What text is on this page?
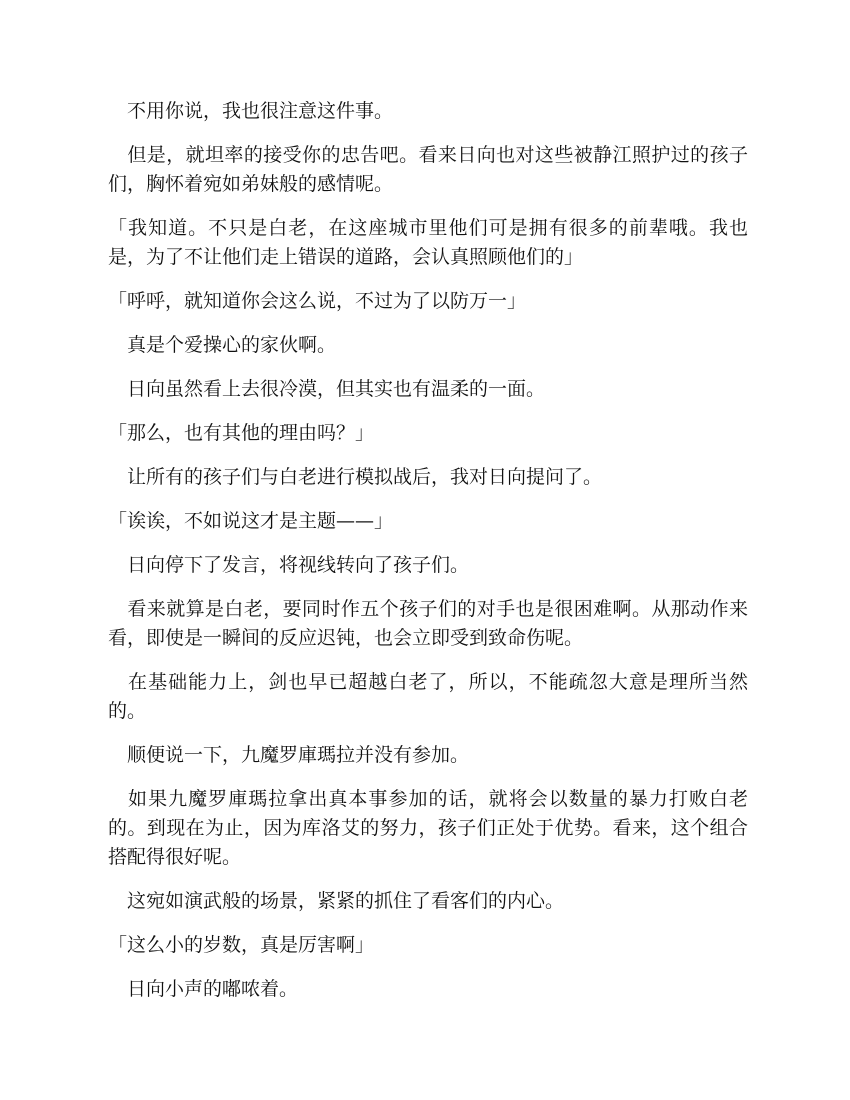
　不用你说，我也很注意这件事。

　但是，就坦率的接受你的忠告吧。看来日向也对这些被静江照护过的孩子们，胸怀着宛如弟妹般的感情呢。

「我知道。不只是白老，在这座城市里他们可是拥有很多的前辈哦。我也是，为了不让他们走上错误的道路，会认真照顾他们的」

「呼呼，就知道你会这么说，不过为了以防万一」

　真是个爱操心的家伙啊。

　日向虽然看上去很冷漠，但其实也有温柔的一面。

「那么，也有其他的理由吗？」

　让所有的孩子们与白老进行模拟战后，我对日向提问了。

「诶诶，不如说这才是主题——」

　日向停下了发言，将视线转向了孩子们。

　看来就算是白老，要同时作五个孩子们的对手也是很困难啊。从那动作来看，即使是一瞬间的反应迟钝，也会立即受到致命伤呢。

　在基础能力上，剑也早已超越白老了，所以，不能疏忽大意是理所当然的。

　顺便说一下，九魔罗庫瑪拉并没有参加。

　如果九魔罗庫瑪拉拿出真本事参加的话，就将会以数量的暴力打败白老的。到现在为止，因为库洛艾的努力，孩子们正处于优势。看来，这个组合搭配得很好呢。

　这宛如演武般的场景，紧紧的抓住了看客们的内心。

「这么小的岁数，真是厉害啊」

　日向小声的嘟哝着。
